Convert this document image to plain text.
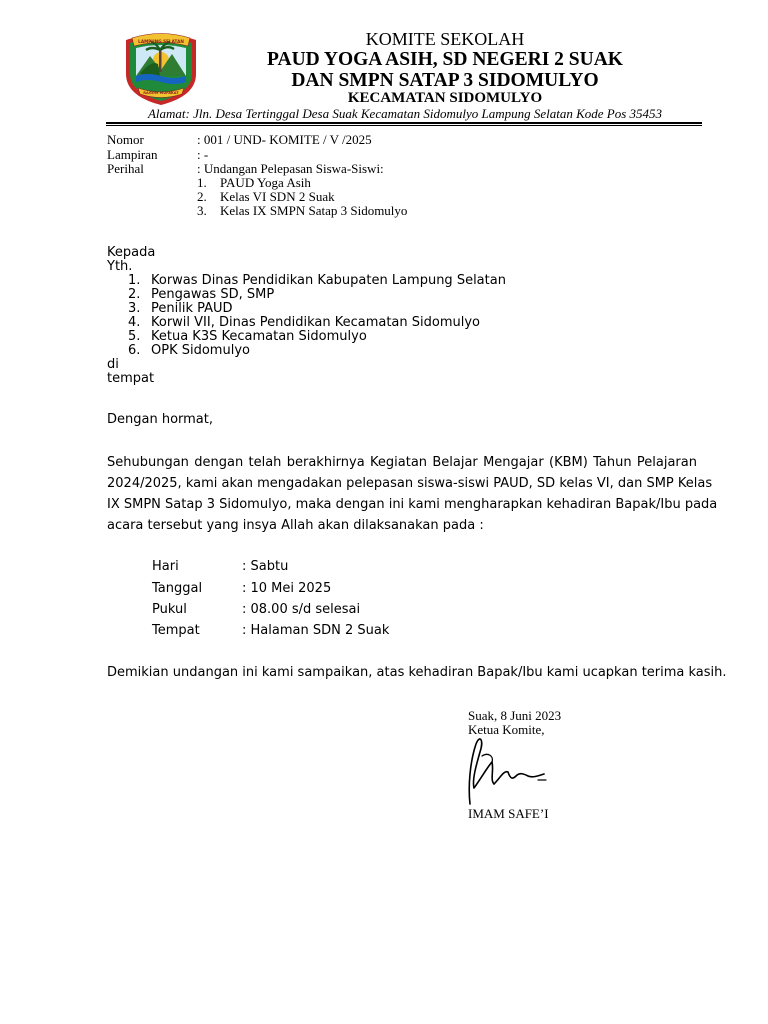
LAMPUNG SELATAN
RAGOM MUFAKAT
KOMITE SEKOLAH
PAUD YOGA ASIH, SD NEGERI 2 SUAK
DAN SMPN SATAP 3 SIDOMULYO
KECAMATAN SIDOMULYO
Alamat: Jln. Desa Tertinggal Desa Suak Kecamatan Sidomulyo Lampung Selatan Kode Pos 35453
Nomor	: 001 / UND- KOMITE / V /2025
Lampiran	: -
Perihal	: Undangan Pelepasan Siswa-Siswi:
1. PAUD Yoga Asih
2. Kelas VI SDN 2 Suak
3. Kelas IX SMPN Satap 3 Sidomulyo
Kepada
Yth.
1. Korwas Dinas Pendidikan Kabupaten Lampung Selatan
2. Pengawas SD, SMP
3. Penilik PAUD
4. Korwil VII, Dinas Pendidikan Kecamatan Sidomulyo
5. Ketua K3S Kecamatan Sidomulyo
6. OPK Sidomulyo
di
tempat
Dengan hormat,
Sehubungan dengan telah berakhirnya Kegiatan Belajar Mengajar (KBM) Tahun Pelajaran
2024/2025, kami akan mengadakan pelepasan siswa-siswi PAUD, SD kelas VI, dan SMP Kelas
IX SMPN Satap 3 Sidomulyo, maka dengan ini kami mengharapkan kehadiran Bapak/Ibu pada
acara tersebut yang insya Allah akan dilaksanakan pada :
Hari	: Sabtu
Tanggal	: 10 Mei 2025
Pukul	: 08.00 s/d selesai
Tempat	: Halaman SDN 2 Suak
Demikian undangan ini kami sampaikan, atas kehadiran Bapak/Ibu kami ucapkan terima kasih.
Suak, 8 Juni 2023
Ketua Komite,
IMAM SAFE’I
